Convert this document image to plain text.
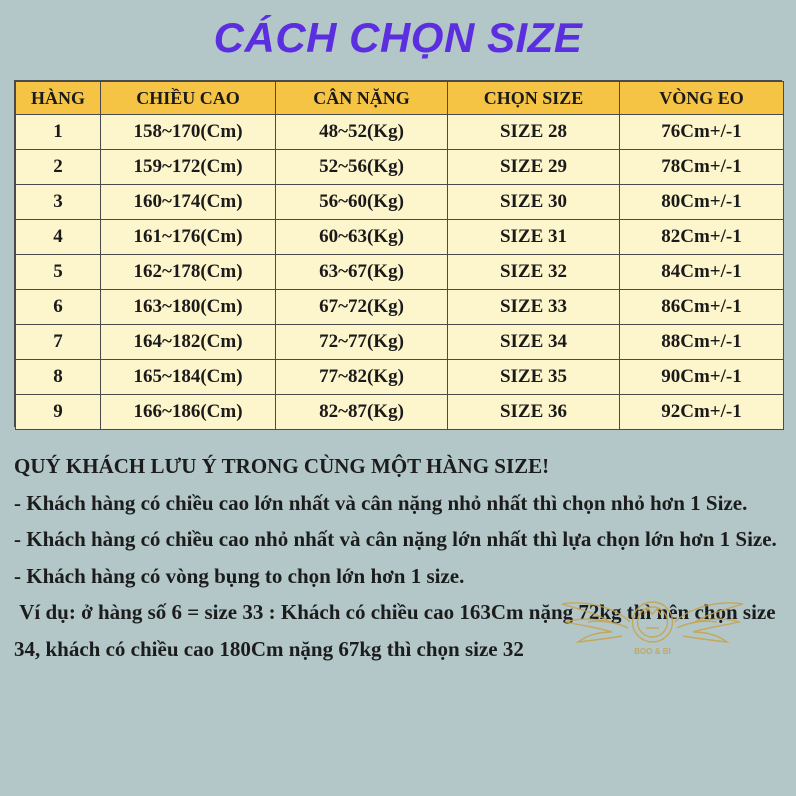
CÁCH CHỌN SIZE
HÀNG	CHIỀU CAO	CÂN NẶNG	CHỌN SIZE	VÒNG EO
1	158~170(Cm)	48~52(Kg)	SIZE 28	76Cm+/-1
2	159~172(Cm)	52~56(Kg)	SIZE 29	78Cm+/-1
3	160~174(Cm)	56~60(Kg)	SIZE 30	80Cm+/-1
4	161~176(Cm)	60~63(Kg)	SIZE 31	82Cm+/-1
5	162~178(Cm)	63~67(Kg)	SIZE 32	84Cm+/-1
6	163~180(Cm)	67~72(Kg)	SIZE 33	86Cm+/-1
7	164~182(Cm)	72~77(Kg)	SIZE 34	88Cm+/-1
8	165~184(Cm)	77~82(Kg)	SIZE 35	90Cm+/-1
9	166~186(Cm)	82~87(Kg)	SIZE 36	92Cm+/-1

QUÝ KHÁCH LƯU Ý TRONG CÙNG MỘT HÀNG SIZE!

- Khách hàng có chiều cao lớn nhất và cân nặng nhỏ nhất thì chọn nhỏ hơn 1 Size.

- Khách hàng có chiều cao nhỏ nhất và cân nặng lớn nhất thì lựa chọn lớn hơn 1 Size.

- Khách hàng có vòng bụng to chọn lớn hơn 1 size.

Ví dụ: ở hàng số 6 = size 33 : Khách có chiều cao 163Cm nặng 72kg thì nên chọn size 34, khách có chiều cao 180Cm nặng 67kg thì chọn size 32	BOO & BI
